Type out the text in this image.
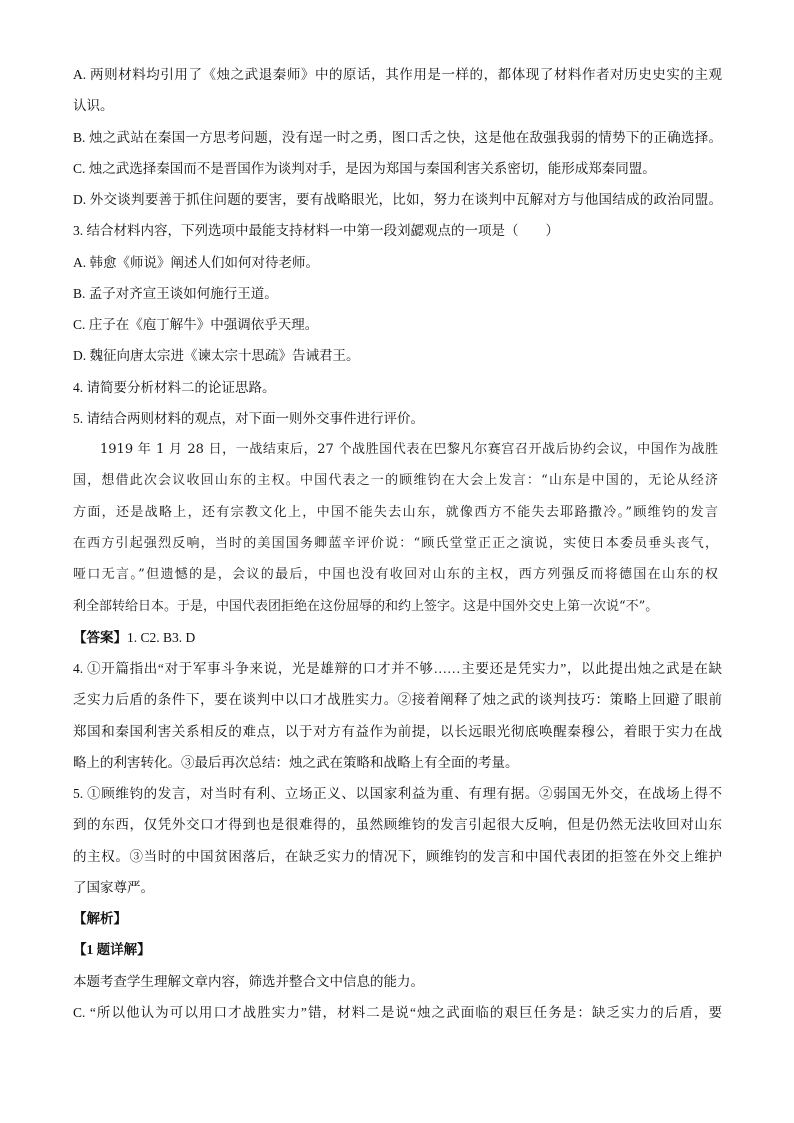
A. 两则材料均引用了《烛之武退秦师》中的原话，其作用是一样的，都体现了材料作者对历史史实的主观
认识。
B. 烛之武站在秦国一方思考问题，没有逞一时之勇，图口舌之快，这是他在敌强我弱的情势下的正确选择。
C. 烛之武选择秦国而不是晋国作为谈判对手，是因为郑国与秦国利害关系密切，能形成郑秦同盟。
D. 外交谈判要善于抓住问题的要害，要有战略眼光，比如，努力在谈判中瓦解对方与他国结成的政治同盟。
3. 结合材料内容，下列选项中最能支持材料一中第一段刘勰观点的一项是（　　）
A. 韩愈《师说》阐述人们如何对待老师。
B. 孟子对齐宣王谈如何施行王道。
C. 庄子在《庖丁解牛》中强调依乎天理。
D. 魏征向唐太宗进《谏太宗十思疏》告诫君王。
4. 请简要分析材料二的论证思路。
5. 请结合两则材料的观点，对下面一则外交事件进行评价。
1919 年 1 月 28 日，一战结束后，27 个战胜国代表在巴黎凡尔赛宫召开战后协约会议，中国作为战胜
国，想借此次会议收回山东的主权。中国代表之一的顾维钧在大会上发言：“山东是中国的，无论从经济
方面，还是战略上，还有宗教文化上，中国不能失去山东，就像西方不能失去耶路撒冷。”顾维钧的发言
在西方引起强烈反响，当时的美国国务卿蓝辛评价说：“顾氏堂堂正正之演说，实使日本委员垂头丧气，
哑口无言。”但遗憾的是，会议的最后，中国也没有收回对山东的主权，西方列强反而将德国在山东的权
利全部转给日本。于是，中国代表团拒绝在这份屈辱的和约上签字。这是中国外交史上第一次说“不”。
【答案】1. C2. B3. D
4. ①开篇指出“对于军事斗争来说，光是雄辩的口才并不够……主要还是凭实力”，以此提出烛之武是在缺
乏实力后盾的条件下，要在谈判中以口才战胜实力。②接着阐释了烛之武的谈判技巧：策略上回避了眼前
郑国和秦国利害关系相反的难点，以于对方有益作为前提，以长远眼光彻底唤醒秦穆公，着眼于实力在战
略上的利害转化。③最后再次总结：烛之武在策略和战略上有全面的考量。
5. ①顾维钧的发言，对当时有利、立场正义、以国家利益为重、有理有据。②弱国无外交，在战场上得不
到的东西，仅凭外交口才得到也是很难得的，虽然顾维钧的发言引起很大反响，但是仍然无法收回对山东
的主权。③当时的中国贫困落后，在缺乏实力的情况下，顾维钧的发言和中国代表团的拒签在外交上维护
了国家尊严。
【解析】
【1 题详解】
本题考查学生理解文章内容，筛选并整合文中信息的能力。
C. “所以他认为可以用口才战胜实力”错，材料二是说“烛之武面临的艰巨任务是：缺乏实力的后盾，要
